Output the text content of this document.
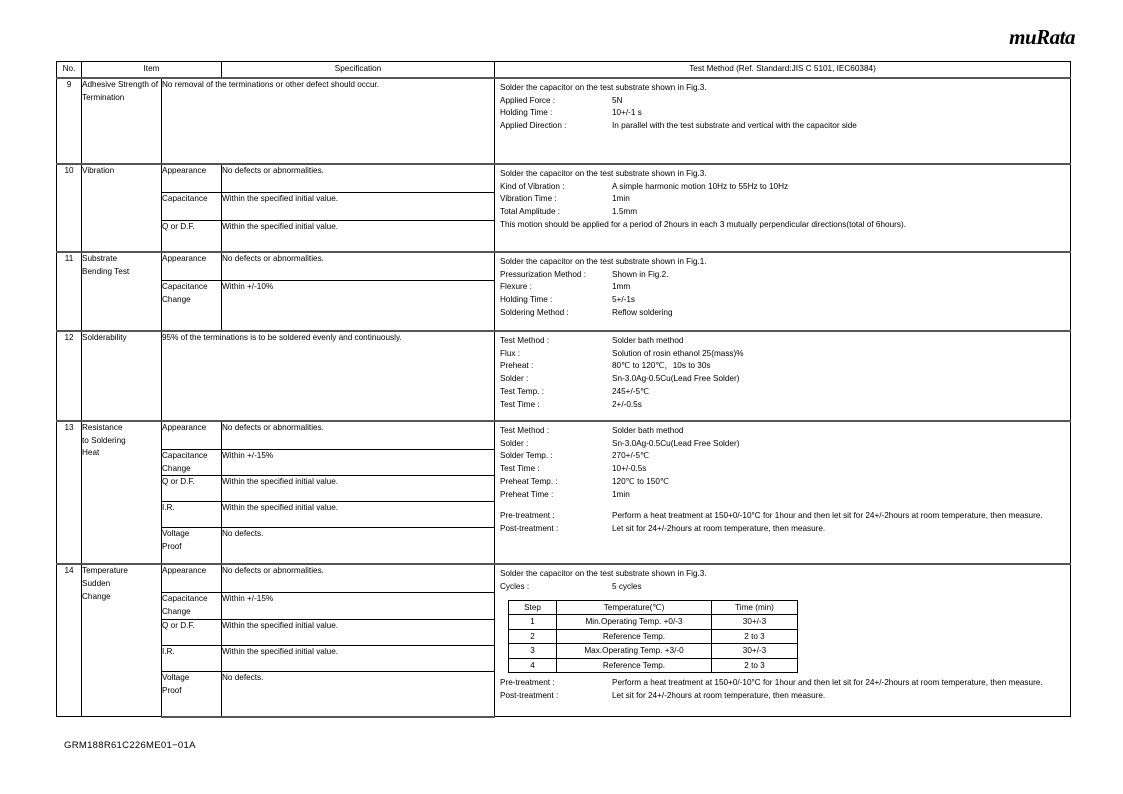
muRata
No.	Item	Specification	Test Method (Ref. Standard:JIS C 5101, IEC60384)
9	Adhesive Strength of
Termination
	No removal of the terminations or other defect should occur.	Solder the capacitor on the test substrate shown in Fig.3.
Applied Force :	5N
Holding Time :	10+/-1 s
Applied Direction :	In parallel with the test substrate and vertical with the capacitor side

10	Vibration	Appearance	No defects or abnormalities.	Solder the capacitor on the test substrate shown in Fig.3.
Kind of Vibration :	A simple harmonic motion 10Hz to 55Hz to 10Hz
Vibration Time :	1min
Total Amplitude :	1.5mm
This motion should be applied for a period of 2hours in each 3 mutually perpendicular directions(total of 6hours).

Capacitance	Within the specified initial value.

Q or D.F.	Within the specified initial value.
11	Substrate
Bending Test

Appearance	No defects or abnormalities.	Solder the capacitor on the test substrate shown in Fig.1.
Pressurization Method :	Shown in Fig.2.
Flexure :	1mm
Holding Time :	5+/-1s
Soldering Method :	Reflow soldering

Capacitance
Change
	Within +/-10%
12	Solderability	95% of the terminations is to be soldered evenly and continuously.	Test Method :	Solder bath method
Flux :	Solution of rosin ethanol 25(mass)%
Preheat :	80℃ to 120℃，10s to 30s
Solder :	Sn-3.0Ag-0.5Cu(Lead Free Solder)
Test Temp. :	245+/-5℃
Test Time :	2+/-0.5s

13	Resistance
to Soldering
Heat

Appearance	No defects or abnormalities.	Test Method :	Solder bath method
Solder :	Sn-3.0Ag-0.5Cu(Lead Free Solder)
Solder Temp. :	270+/-5℃
Test Time :	10+/-0.5s
Preheat Temp. :	120℃ to 150℃
Preheat Time :	1min
Pre-treatment :	Perform a heat treatment at 150+0/-10°C for 1hour and then let sit for 24+/-2hours at room temperature, then measure.
Post-treatment :	Let sit for 24+/-2hours at room temperature, then measure.

Capacitance
Change
	Within +/-15%

Q or D.F.	Within the specified initial value.

I.R.	Within the specified initial value.

Voltage
Proof
	No defects.
14	Temperature
Sudden
Change

Appearance	No defects or abnormalities.	Solder the capacitor on the test substrate shown in Fig.3.
Cycles :	5 cycles
Step	Temperature(℃)	Time (min)
1	Min.Operating Temp. +0/-3	30+/-3
2	Reference Temp.	2 to 3
3	Max.Operating Temp. +3/-0	30+/-3
4	Reference Temp.	2 to 3
Pre-treatment :	Perform a heat treatment at 150+0/-10°C for 1hour and then let sit for 24+/-2hours at room temperature, then measure.
Post-treatment :	Let sit for 24+/-2hours at room temperature, then measure.

Capacitance
Change
	Within +/-15%

Q or D.F.	Within the specified initial value.

I.R.	Within the specified initial value.

Voltage
Proof
	No defects.
GRM188R61C226ME01−01A
